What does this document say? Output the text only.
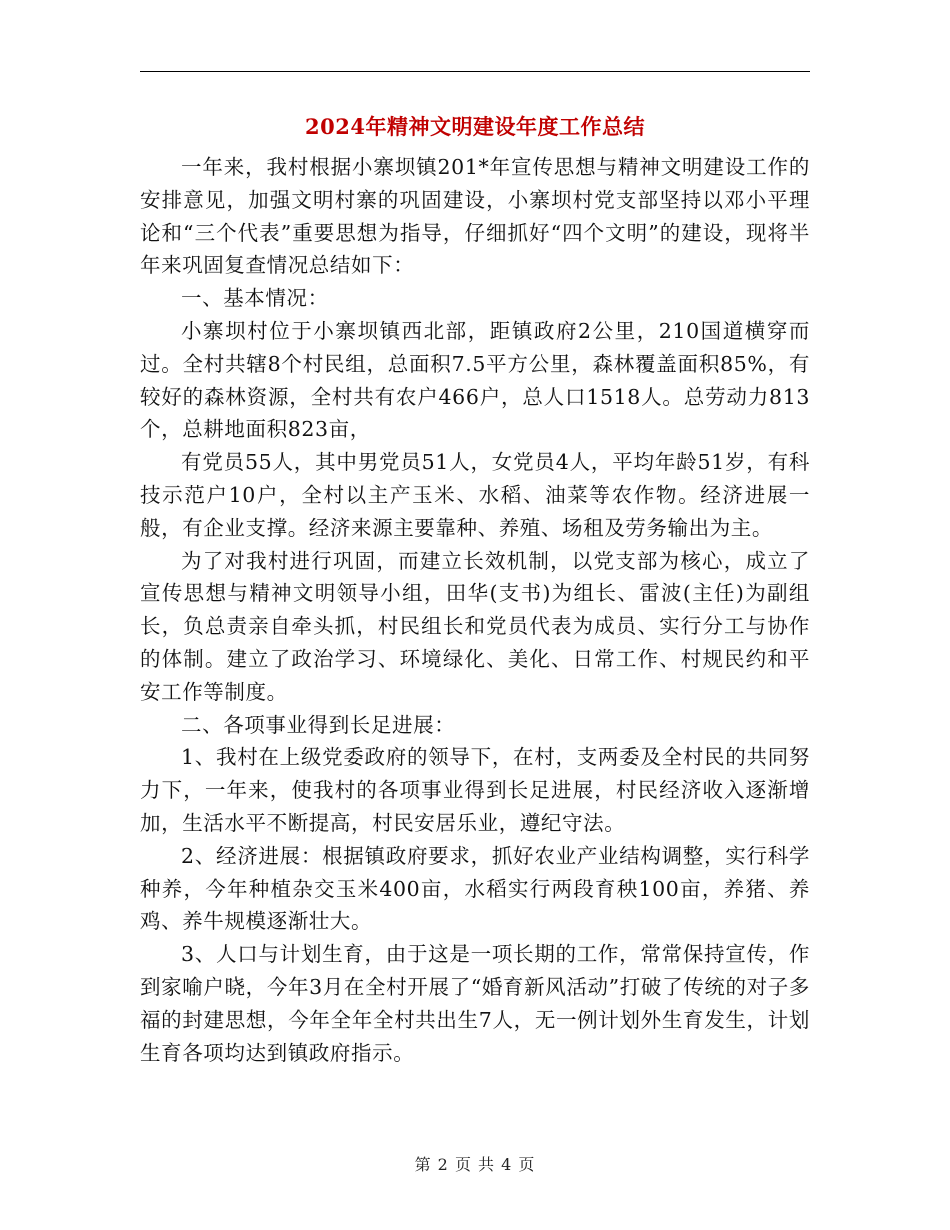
2024年精神文明建设年度工作总结

一年来，我村根据小寨坝镇201*年宣传思想与精神文明建设工作的安排意见，加强文明村寨的巩固建设，小寨坝村党支部坚持以邓小平理论和“三个代表”重要思想为指导，仔细抓好“四个文明”的建设，现将半年来巩固复查情况总结如下：

一、基本情况：

小寨坝村位于小寨坝镇西北部，距镇政府2公里，210国道横穿而过。全村共辖8个村民组，总面积7.5平方公里，森林覆盖面积85%，有较好的森林资源，全村共有农户466户，总人口1518人。总劳动力813个，总耕地面积823亩，

有党员55人，其中男党员51人，女党员4人，平均年龄51岁，有科技示范户10户，全村以主产玉米、水稻、油菜等农作物。经济进展一般，有企业支撑。经济来源主要靠种、养殖、场租及劳务输出为主。

为了对我村进行巩固，而建立长效机制，以党支部为核心，成立了宣传思想与精神文明领导小组，田华(支书)为组长、雷波(主任)为副组长，负总责亲自牵头抓，村民组长和党员代表为成员、实行分工与协作的体制。建立了政治学习、环境绿化、美化、日常工作、村规民约和平安工作等制度。

二、各项事业得到长足进展：

1、我村在上级党委政府的领导下，在村，支两委及全村民的共同努力下，一年来，使我村的各项事业得到长足进展，村民经济收入逐渐增加，生活水平不断提高，村民安居乐业，遵纪守法。

2、经济进展：根据镇政府要求，抓好农业产业结构调整，实行科学种养，今年种植杂交玉米400亩，水稻实行两段育秧100亩，养猪、养鸡、养牛规模逐渐壮大。

3、人口与计划生育，由于这是一项长期的工作，常常保持宣传，作到家喻户晓，今年3月在全村开展了“婚育新风活动”打破了传统的对子多福的封建思想，今年全年全村共出生7人，无一例计划外生育发生，计划生育各项均达到镇政府指示。

第 2 页 共 4 页
